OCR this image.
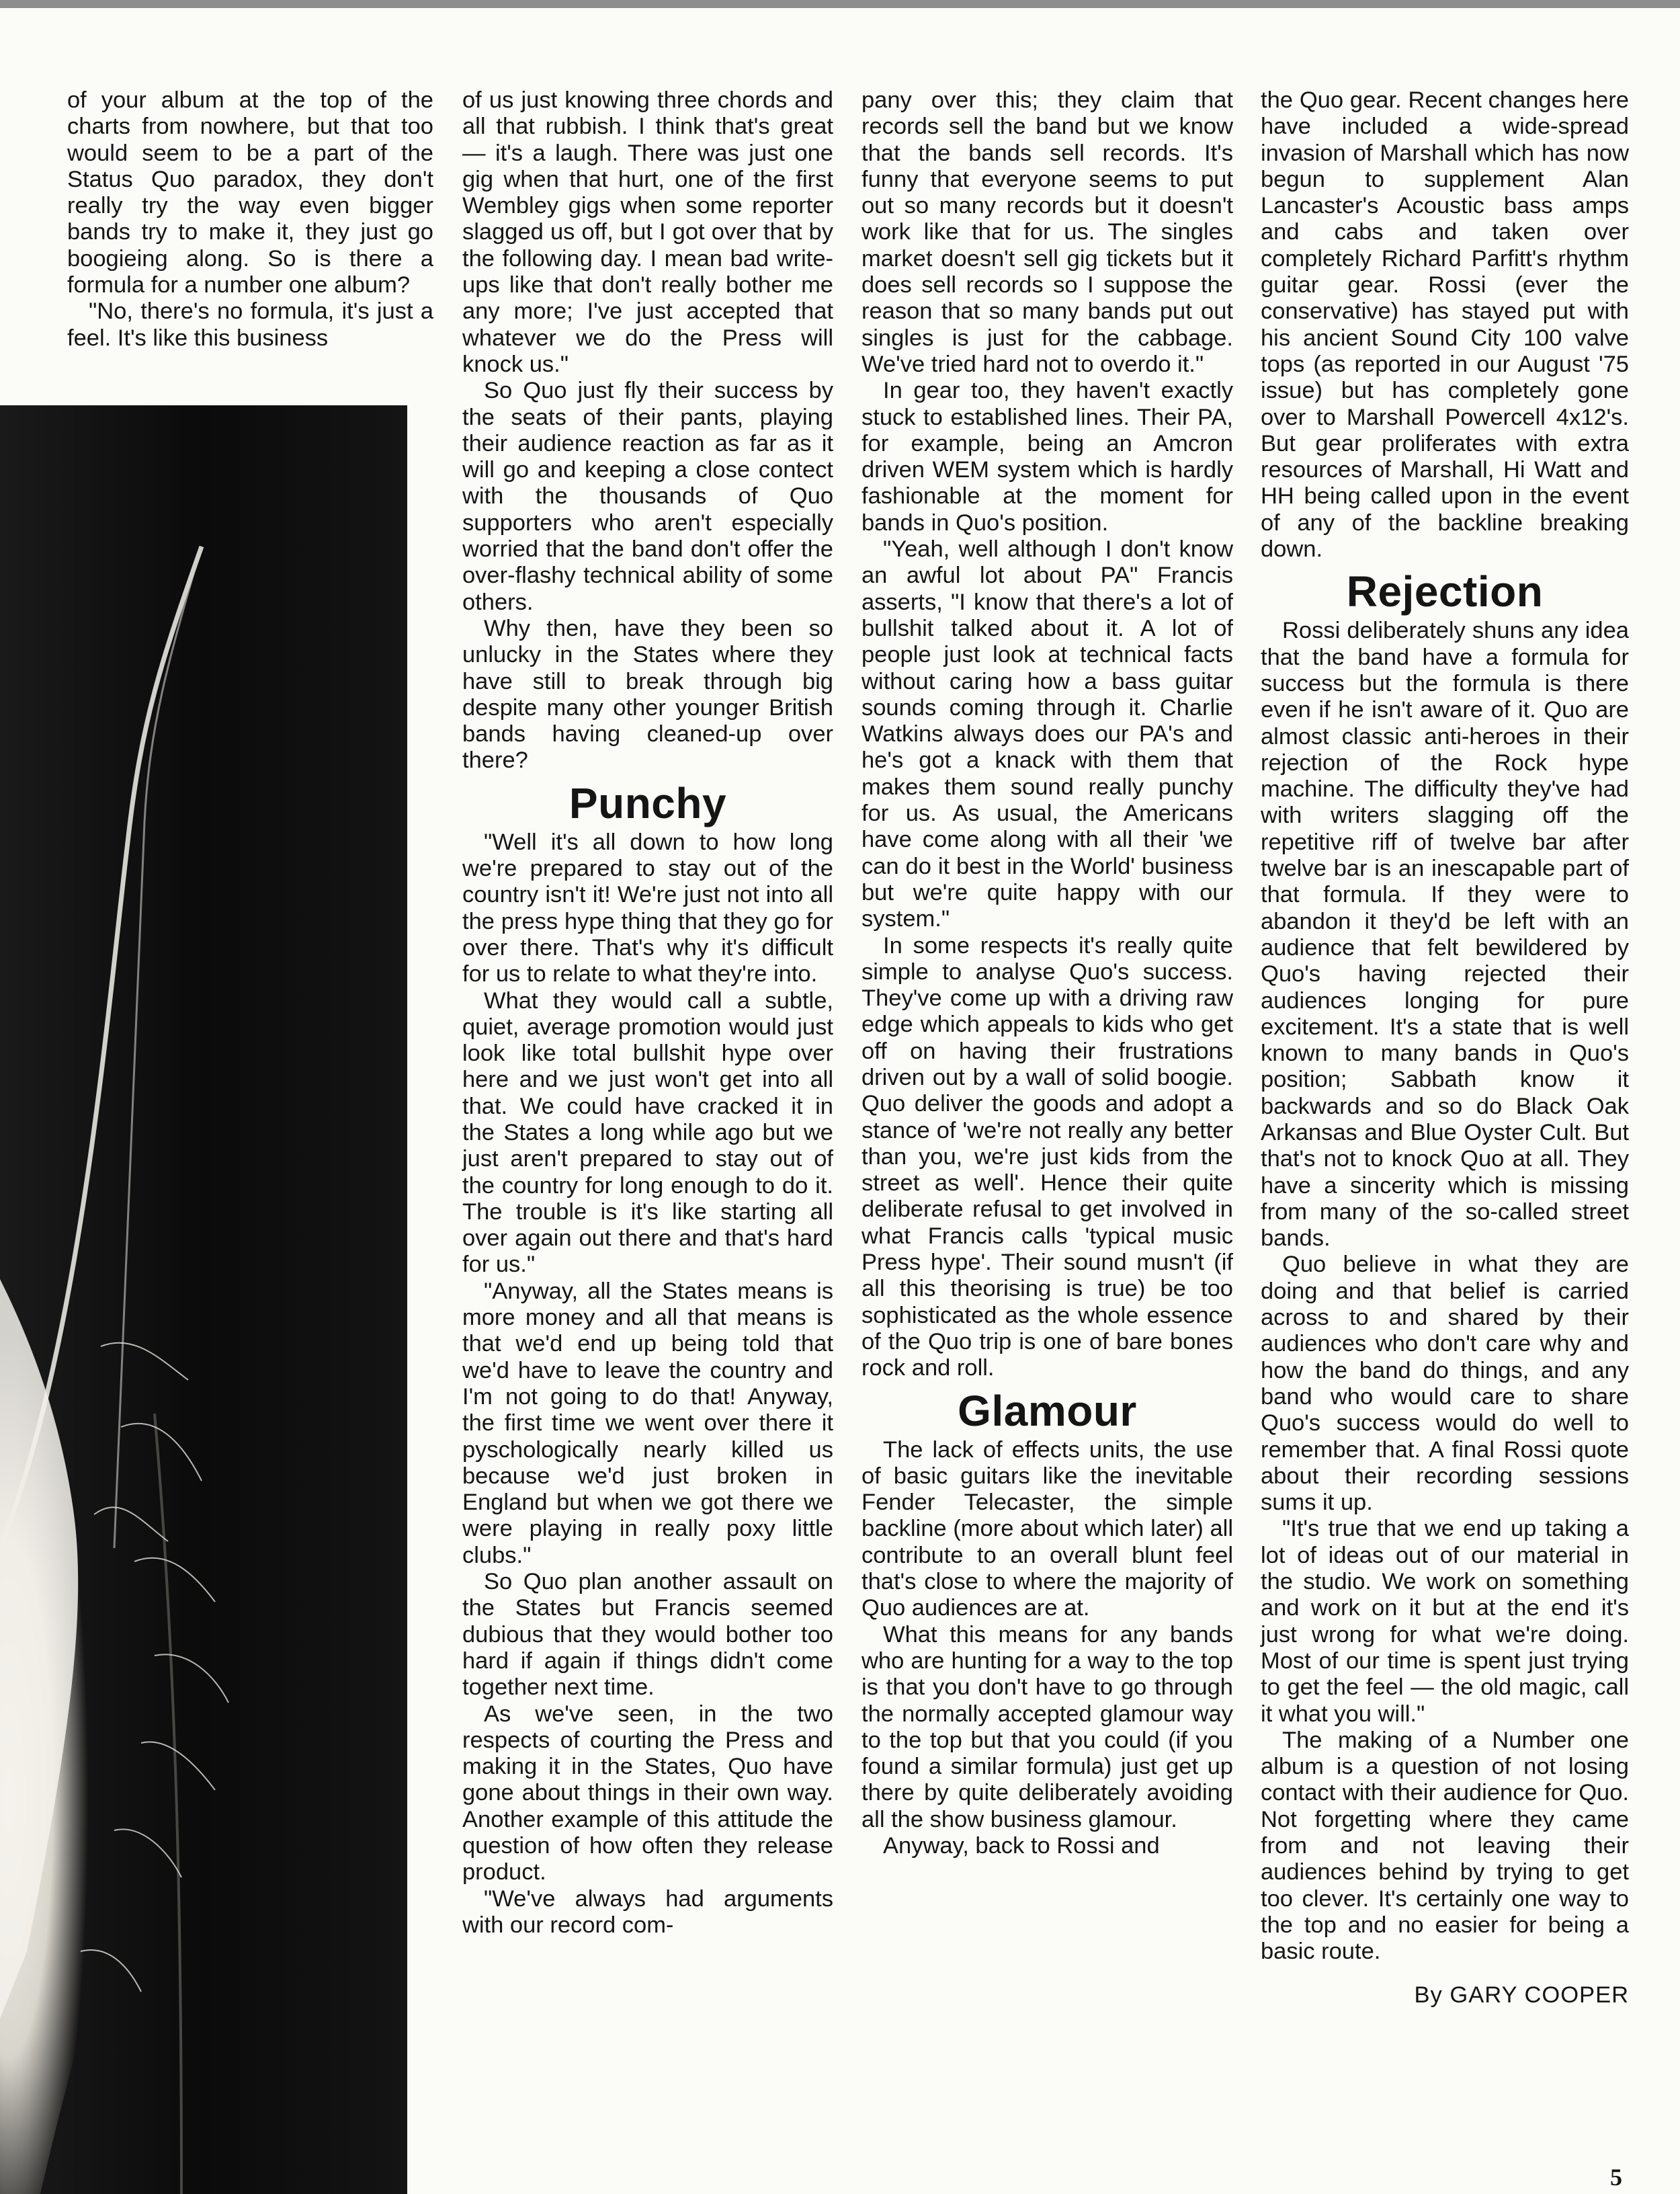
of your album at the top of the charts from nowhere, but that too would seem to be a part of the Status Quo paradox, they don't really try the way even bigger bands try to make it, they just go boogieing along. So is there a formula for a number one album?

"No, there's no formula, it's just a feel. It's like this business

of us just knowing three chords and all that rubbish. I think that's great — it's a laugh. There was just one gig when that hurt, one of the first Wembley gigs when some reporter slagged us off, but I got over that by the following day. I mean bad write-ups like that don't really bother me any more; I've just accepted that whatever we do the Press will knock us."

So Quo just fly their success by the seats of their pants, playing their audience reaction as far as it will go and keeping a close contect with the thousands of Quo supporters who aren't especially worried that the band don't offer the over-flashy technical ability of some others.

Why then, have they been so unlucky in the States where they have still to break through big despite many other younger British bands having cleaned-up over there?

Punchy

"Well it's all down to how long we're prepared to stay out of the country isn't it! We're just not into all the press hype thing that they go for over there. That's why it's difficult for us to relate to what they're into.

What they would call a subtle, quiet, average promotion would just look like total bullshit hype over here and we just won't get into all that. We could have cracked it in the States a long while ago but we just aren't prepared to stay out of the country for long enough to do it. The trouble is it's like starting all over again out there and that's hard for us."

"Anyway, all the States means is more money and all that means is that we'd end up being told that we'd have to leave the country and I'm not going to do that! Anyway, the first time we went over there it pyschologically nearly killed us because we'd just broken in England but when we got there we were playing in really poxy little clubs."

So Quo plan another assault on the States but Francis seemed dubious that they would bother too hard if again if things didn't come together next time.

As we've seen, in the two respects of courting the Press and making it in the States, Quo have gone about things in their own way. Another example of this attitude the question of how often they release product.

"We've always had arguments with our record com-

pany over this; they claim that records sell the band but we know that the bands sell records. It's funny that everyone seems to put out so many records but it doesn't work like that for us. The singles market doesn't sell gig tickets but it does sell records so I suppose the reason that so many bands put out singles is just for the cabbage. We've tried hard not to overdo it."

In gear too, they haven't exactly stuck to established lines. Their PA, for example, being an Amcron driven WEM system which is hardly fashionable at the moment for bands in Quo's position.

"Yeah, well although I don't know an awful lot about PA" Francis asserts, "I know that there's a lot of bullshit talked about it. A lot of people just look at technical facts without caring how a bass guitar sounds coming through it. Charlie Watkins always does our PA's and he's got a knack with them that makes them sound really punchy for us. As usual, the Americans have come along with all their 'we can do it best in the World' business but we're quite happy with our system."

In some respects it's really quite simple to analyse Quo's success. They've come up with a driving raw edge which appeals to kids who get off on having their frustrations driven out by a wall of solid boogie. Quo deliver the goods and adopt a stance of 'we're not really any better than you, we're just kids from the street as well'. Hence their quite deliberate refusal to get involved in what Francis calls 'typical music Press hype'. Their sound musn't (if all this theorising is true) be too sophisticated as the whole essence of the Quo trip is one of bare bones rock and roll.

Glamour

The lack of effects units, the use of basic guitars like the inevitable Fender Telecaster, the simple backline (more about which later) all contribute to an overall blunt feel that's close to where the majority of Quo audiences are at.

What this means for any bands who are hunting for a way to the top is that you don't have to go through the normally accepted glamour way to the top but that you could (if you found a similar formula) just get up there by quite deliberately avoiding all the show business glamour.

Anyway, back to Rossi and

the Quo gear. Recent changes here have included a wide-spread invasion of Marshall which has now begun to supplement Alan Lancaster's Acoustic bass amps and cabs and taken over completely Richard Parfitt's rhythm guitar gear. Rossi (ever the conservative) has stayed put with his ancient Sound City 100 valve tops (as reported in our August '75 issue) but has completely gone over to Marshall Powercell 4x12's. But gear proliferates with extra resources of Marshall, Hi Watt and HH being called upon in the event of any of the backline breaking down.

Rejection

Rossi deliberately shuns any idea that the band have a formula for success but the formula is there even if he isn't aware of it. Quo are almost classic anti-heroes in their rejection of the Rock hype machine. The difficulty they've had with writers slagging off the repetitive riff of twelve bar after twelve bar is an inescapable part of that formula. If they were to abandon it they'd be left with an audience that felt bewildered by Quo's having rejected their audiences longing for pure excitement. It's a state that is well known to many bands in Quo's position; Sabbath know it backwards and so do Black Oak Arkansas and Blue Oyster Cult. But that's not to knock Quo at all. They have a sincerity which is missing from many of the so-called street bands.

Quo believe in what they are doing and that belief is carried across to and shared by their audiences who don't care why and how the band do things, and any band who would care to share Quo's success would do well to remember that. A final Rossi quote about their recording sessions sums it up.

"It's true that we end up taking a lot of ideas out of our material in the studio. We work on something and work on it but at the end it's just wrong for what we're doing. Most of our time is spent just trying to get the feel — the old magic, call it what you will."

The making of a Number one album is a question of not losing contact with their audience for Quo. Not forgetting where they came from and not leaving their audiences behind by trying to get too clever. It's certainly one way to the top and no easier for being a basic route.

By GARY COOPER

5
